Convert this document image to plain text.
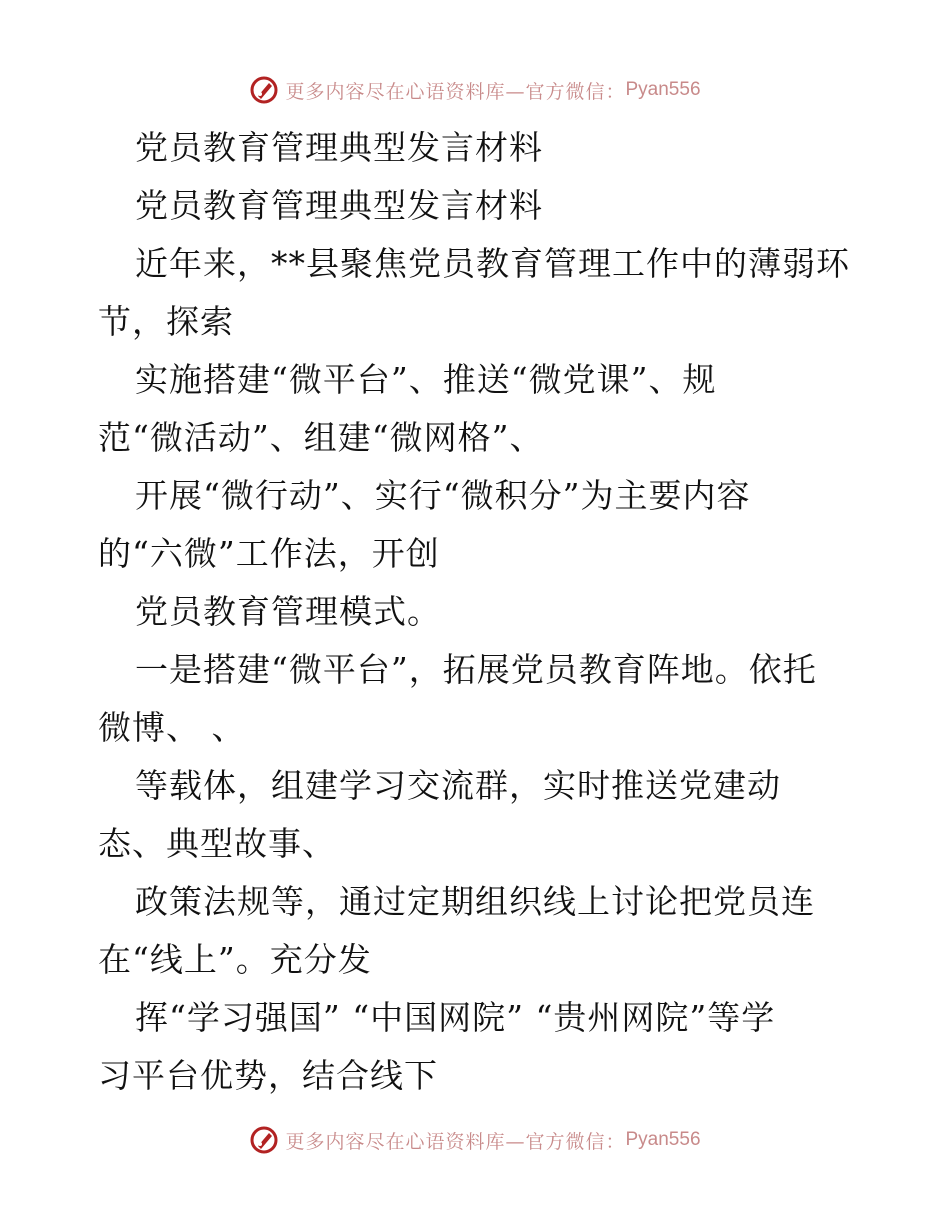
更多内容尽在心语资料库—官方微信： Pyan556
党员教育管理典型发言材料
党员教育管理典型发言材料
近年来，**县聚焦党员教育管理工作中的薄弱环
节，探索
实施搭建“微平台”、推送“微党课”、规
范“微活动”、组建“微网格”、
开展“微行动”、实行“微积分”为主要内容
的“六微”工作法，开创
党员教育管理模式。
一是搭建“微平台”，拓展党员教育阵地。依托
微博、 、
等载体，组建学习交流群，实时推送党建动
态、典型故事、
政策法规等，通过定期组织线上讨论把党员连
在“线上”。充分发
挥“学习强国” “中国网院” “贵州网院”等学
习平台优势，结合线下
更多内容尽在心语资料库—官方微信： Pyan556
